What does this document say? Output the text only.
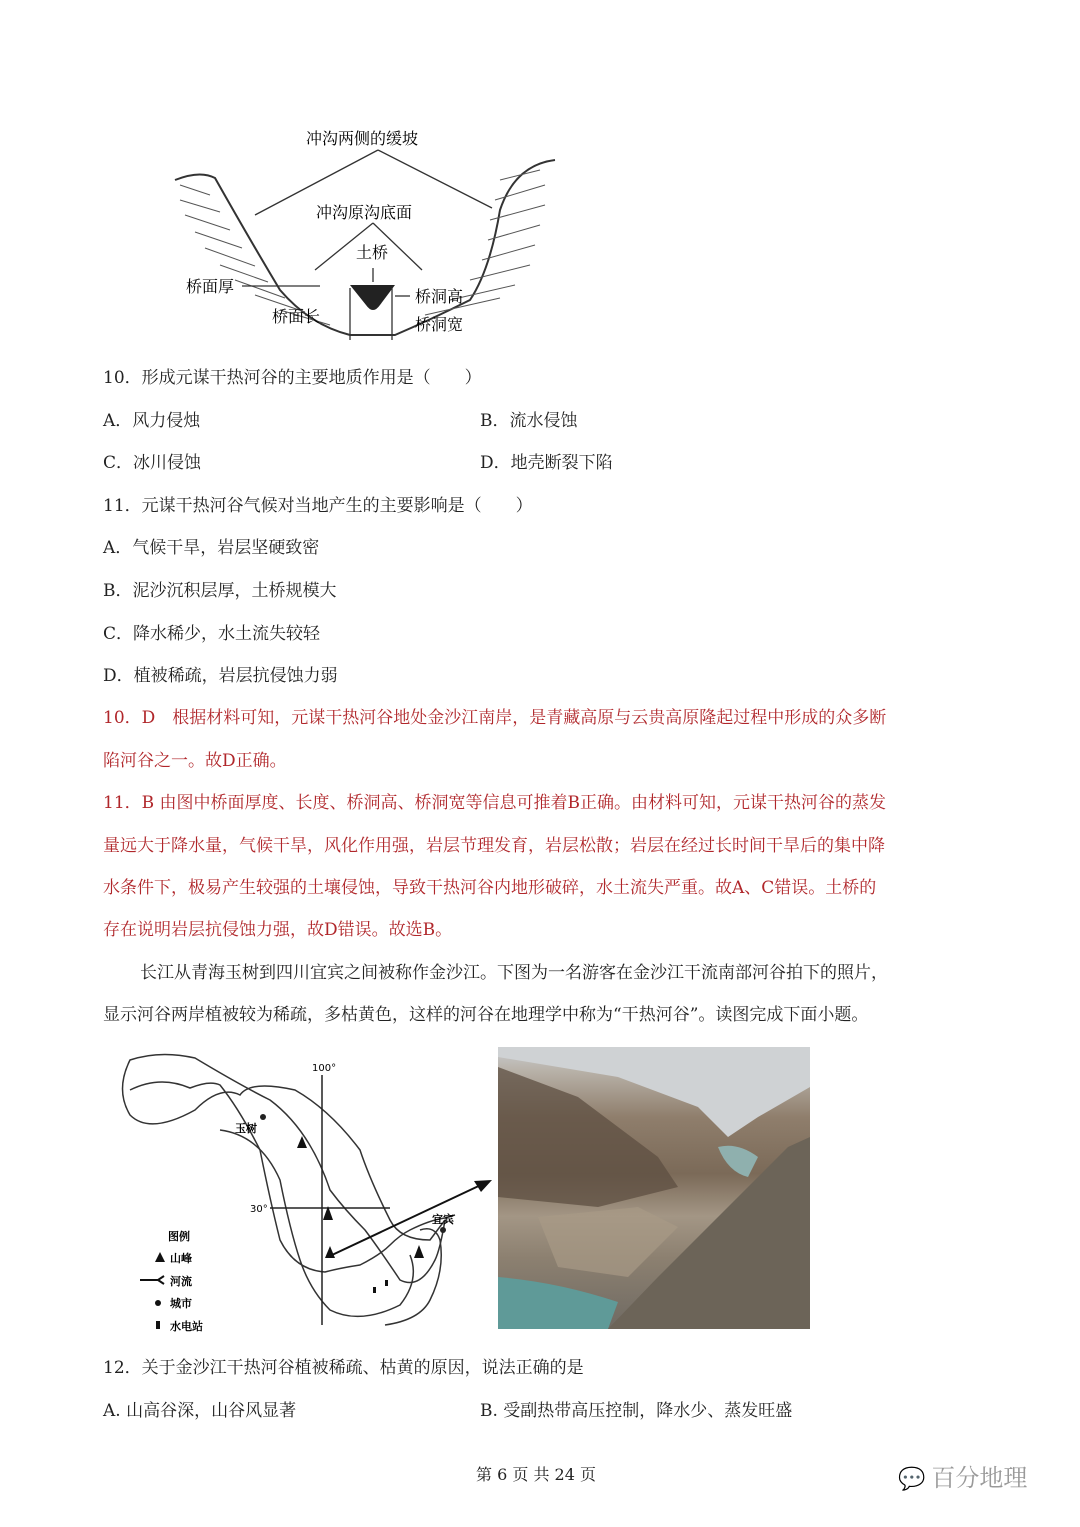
冲沟两侧的缓坡
冲沟原沟底面
土桥
桥面厚
桥洞高
桥面长	桥洞宽
10．形成元谋干热河谷的主要地质作用是（　　）
A．风力侵烛	B．流水侵蚀
C．冰川侵蚀	D．地壳断裂下陷
11．元谋干热河谷气候对当地产生的主要影响是（　　）
A．气候干旱，岩层坚硬致密
B．泥沙沉积层厚，土桥规模大
C．降水稀少，水土流失较轻
D．植被稀疏，岩层抗侵蚀力弱
10．D　根据材料可知，元谋干热河谷地处金沙江南岸，是青藏高原与云贵高原隆起过程中形成的众多断
陷河谷之一。故D正确。
11．B 由图中桥面厚度、长度、桥洞高、桥洞宽等信息可推着B正确。由材料可知，元谋干热河谷的蒸发
量远大于降水量，气候干旱，风化作用强，岩层节理发育，岩层松散；岩层在经过长时间干旱后的集中降
水条件下，极易产生较强的土壤侵蚀，导致干热河谷内地形破碎，水土流失严重。故A、C错误。土桥的
存在说明岩层抗侵蚀力强，故D错误。故选B。
长江从青海玉树到四川宜宾之间被称作金沙江。下图为一名游客在金沙江干流南部河谷拍下的照片，
显示河谷两岸植被较为稀疏，多枯黄色，这样的河谷在地理学中称为“干热河谷”。读图完成下面小题。
100°
30°
玉树
宜宾
图例
山峰
河流
城市
水电站
12．关于金沙江干热河谷植被稀疏、枯黄的原因，说法正确的是
A. 山高谷深，山谷风显著	B. 受副热带高压控制，降水少、蒸发旺盛
第 6 页 共 24 页	💬 百分地理
